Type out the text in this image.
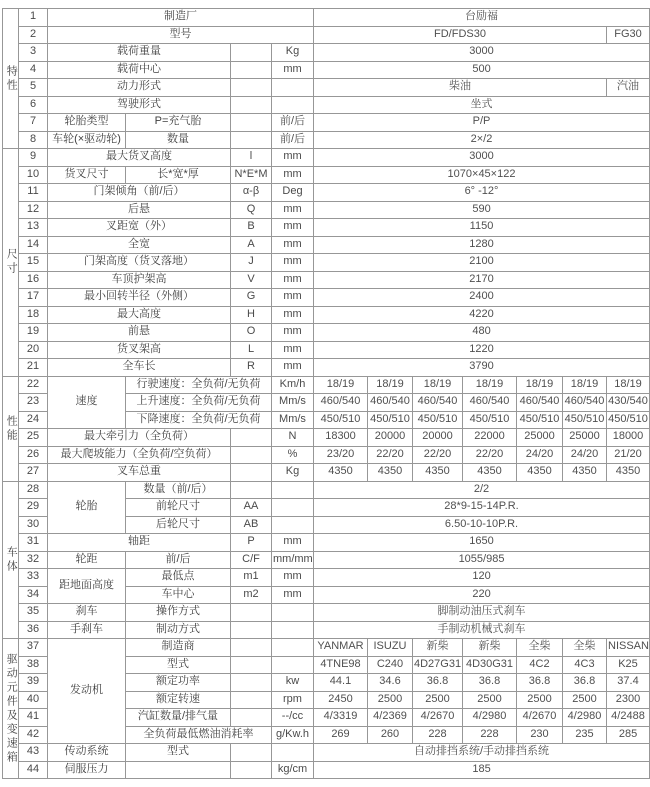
特性	1	制造厂				台励福						
	2	型号				FD/FDS30						FG30
	3	载荷重量			Kg	3000						
	4	载荷中心			mm	500						
	5	动力形式				柴油						汽油
	6	驾驶形式				坐式						
	7	轮胎类型	P=充气胎		前/后	P/P						
	8	车轮(×驱动轮)	数量		前/后	2×/2						
尺寸	9	最大货叉高度		l	mm	3000						
	10	货叉尺寸	长*宽*厚	N*E*M	mm	1070×45×122						
	11	门架倾角（前/后）		α-β	Deg	6° -12°						
	12	后悬		Q	mm	590						
	13	叉距宽（外）		B	mm	1150						
	14	全宽		A	mm	1280						
	15	门架高度（货叉落地）		J	mm	2100						
	16	车顶护架高		V	mm	2170						
	17	最小回转半径（外侧）		G	mm	2400						
	18	最大高度		H	mm	4220						
	19	前悬		O	mm	480						
	20	货叉架高		L	mm	1220						
	21	全车长		R	mm	3790						
性能	22	速度	行驶速度：全负荷/无负荷		Km/h	18/19	18/19	18/19	18/19	18/19	18/19	18/19
	23		上升速度：全负荷/无负荷		Mm/s	460/540	460/540	460/540	460/540	460/540	460/540	430/540
	24		下降速度：全负荷/无负荷		Mm/s	450/510	450/510	450/510	450/510	450/510	450/510	450/510
	25	最大牵引力（全负荷）			N	18300	20000	20000	22000	25000	25000	18000
	26	最大爬坡能力（全负荷/空负荷）			%	23/20	22/20	22/20	22/20	24/20	24/20	21/20
	27	叉车总重			Kg	4350	4350	4350	4350	4350	4350	4350
车体	28	轮胎	数量（前/后）			2/2						
	29		前轮尺寸	AA		28*9-15-14P.R.						
	30		后轮尺寸	AB		6.50-10-10P.R.						
	31	轴距		P	mm	1650						
	32	轮距	前/后	C/F	mm/mm	1055/985						
	33	距地面高度	最低点	m1	mm	120						
	34		车中心	m2	mm	220						
	35	刹车	操作方式			脚制动油压式刹车						
	36	手刹车	制动方式			手制动机械式刹车						
驱动元件及变速箱	37	发动机	制造商			YANMAR	ISUZU	新柴	新柴	全柴	全柴	NISSAN
	38		型式			4TNE98	C240	4D27G31	4D30G31	4C2	4C3	K25
	39		额定功率		kw	44.1	34.6	36.8	36.8	36.8	36.8	37.4
	40		额定转速		rpm	2450	2500	2500	2500	2500	2500	2300
	41		汽缸数量/排气量		--/cc	4/3319	4/2369	4/2670	4/2980	4/2670	4/2980	4/2488
	42		全负荷最低燃油消耗率		g/Kw.h	269	260	228	228	230	235	285
	43	传动系统	型式			自动排挡系统/手动排挡系统						
	44	伺服压力			kg/cm	185						
